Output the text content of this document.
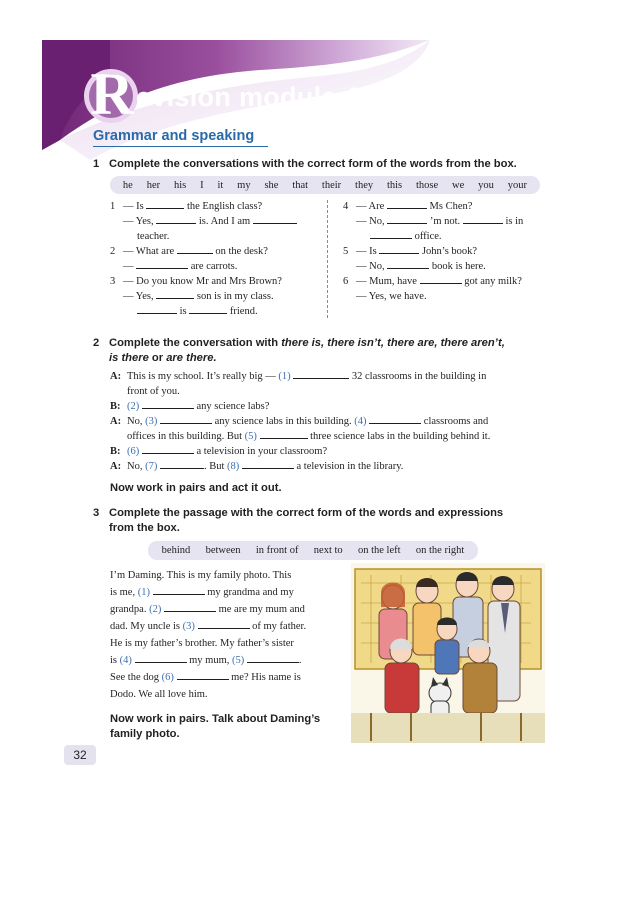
R evision module A
Grammar and speaking
1 Complete the conversations with the correct form of the words from the box.
he her his I it my she that their they this those we you your
1 — Is	the English class?
— Yes,	is. And I am
teacher.
2 — What are	on the desk?
—	are carrots.
3 — Do you know Mr and Mrs Brown?
— Yes,	son is in my class.
is	friend.
4 — Are	Ms Chen?
— No,	’m not.	is in
office.
5 — Is	John’s book?
— No,	book is here.
6 — Mum, have	got any milk?
— Yes, we have.
2 Complete the conversation with there is, there isn’t, there are, there aren’t,
is there or are there.
A: This is my school. It’s really big — (1)	32 classrooms in the building in
front of you.
B: (2)	any science labs?
A: No, (3)	any science labs in this building. (4)	classrooms and
offices in this building. But (5)	three science labs in the building behind it.
B: (6)	a television in your classroom?
A: No, (7)	. But (8)	a television in the library.
Now work in pairs and act it out.
3 Complete the passage with the correct form of the words and expressions
from the box.
behind between in front of next to on the left on the right
I’m Daming. This is my family photo. This
is me, (1)	my grandma and my
grandpa. (2)	me are my mum and
dad. My uncle is (3)	of my father.
He is my father’s brother. My father’s sister
is (4)	my mum, (5)	.
See the dog (6)	me? His name is
Dodo. We all love him.
Now work in pairs. Talk about Daming’s
family photo.
32
